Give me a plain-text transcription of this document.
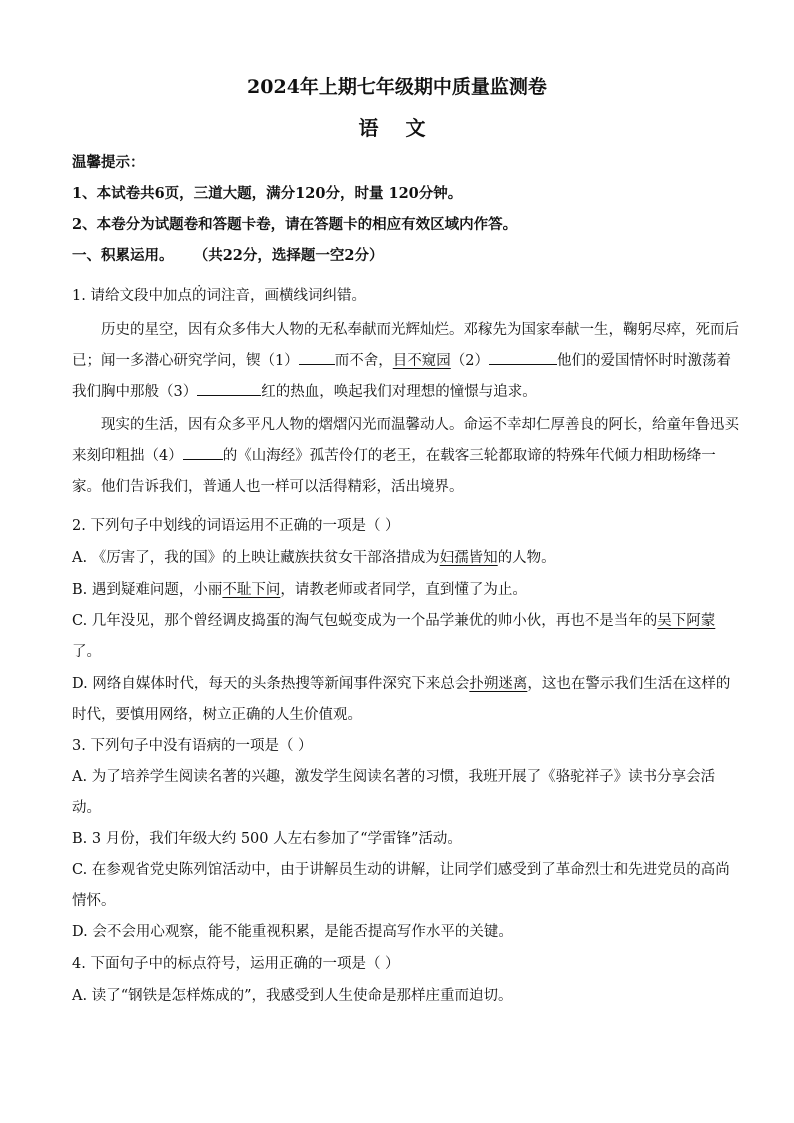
2024年上期七年级期中质量监测卷
语 文
温馨提示：
1、本试卷共6页，三道大题，满分120分，时量 120分钟。
2、本卷分为试题卷和答题卡卷，请在答题卡的相应有效区域内作答。
一、积累运用。    （共22分，选择题一空2分）
1. 请给文段中加点的词注音，画横线词纠错。
历史的星空，因有众多伟大人物的无私奉献而光辉灿烂。邓稼先为国家奉献一生，鞠躬尽瘁，死而后
已；闻一多潜心研究学问，锲（1） 而不舍，目不窥园（2）	他们的爱国情怀时时激荡着
我们胸中那般（3）	红的热血，唤起我们对理想的憧憬与追求。
现实的生活，因有众多平凡人物的熠熠闪光而温馨动人。命运不幸却仁厚善良的阿长，给童年鲁迅买
来刻印粗拙（4）	的《山海经》孤苦伶仃的老王，在载客三轮都取谛的特殊年代倾力相助杨绛一
家。他们告诉我们，普通人也一样可以活得精彩，活出境界。
2. 下列句子中划线的词语运用不正确的一项是（ ）
A. 《厉害了，我的国》的上映让藏族扶贫女干部洛措成为妇孺皆知的人物。
B. 遇到疑难问题，小丽不耻下问，请教老师或者同学，直到懂了为止。
C. 几年没见，那个曾经调皮捣蛋的淘气包蜕变成为一个品学兼优的帅小伙，再也不是当年的吴下阿蒙
了。
D. 网络自媒体时代，每天的头条热搜等新闻事件深究下来总会扑朔迷离，这也在警示我们生活在这样的
时代，要慎用网络，树立正确的人生价值观。
3. 下列句子中没有语病的一项是（ ）
A. 为了培养学生阅读名著的兴趣，激发学生阅读名著的习惯，我班开展了《骆驼祥子》读书分享会活
动。
B. 3 月份，我们年级大约 500 人左右参加了“学雷锋”活动。
C. 在参观省党史陈列馆活动中，由于讲解员生动的讲解，让同学们感受到了革命烈士和先进党员的高尚
情怀。
D. 会不会用心观察，能不能重视积累，是能否提高写作水平的关键。
4. 下面句子中的标点符号，运用正确的一项是（ ）
A. 读了“钢铁是怎样炼成的”，我感受到人生使命是那样庄重而迫切。
